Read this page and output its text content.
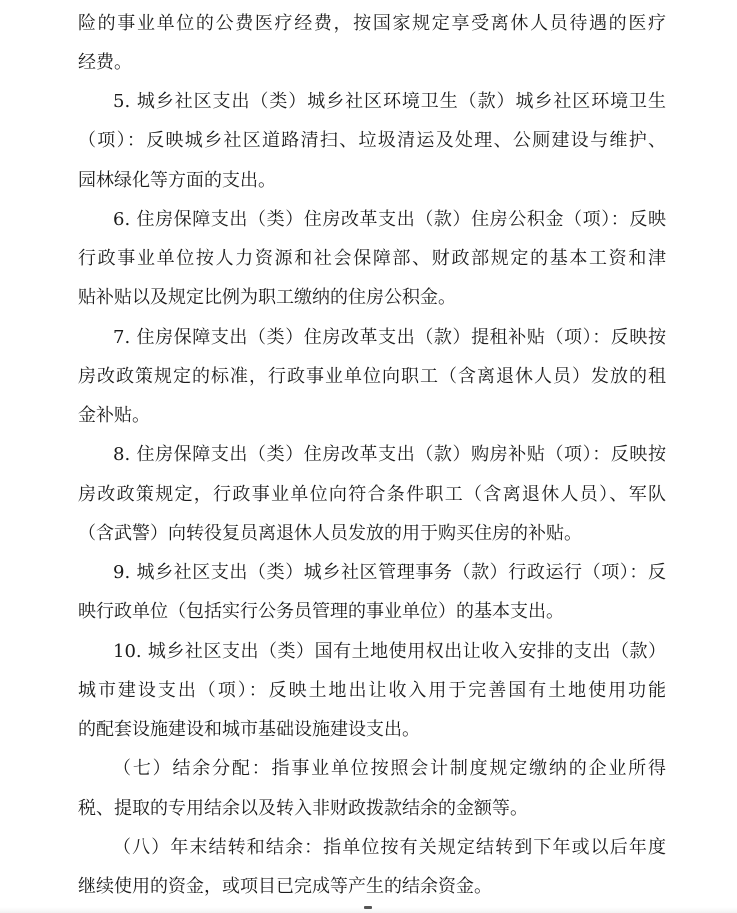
险的事业单位的公费医疗经费，按国家规定享受离休人员待遇的医疗
经费。
5. 城乡社区支出（类）城乡社区环境卫生（款）城乡社区环境卫生
（项）：反映城乡社区道路清扫、垃圾清运及处理、公厕建设与维护、
园林绿化等方面的支出。
6. 住房保障支出（类）住房改革支出（款）住房公积金（项）：反映
行政事业单位按人力资源和社会保障部、财政部规定的基本工资和津
贴补贴以及规定比例为职工缴纳的住房公积金。
7. 住房保障支出（类）住房改革支出（款）提租补贴（项）：反映按
房改政策规定的标准，行政事业单位向职工（含离退休人员）发放的租
金补贴。
8. 住房保障支出（类）住房改革支出（款）购房补贴（项）：反映按
房改政策规定，行政事业单位向符合条件职工（含离退休人员）、军队
（含武警）向转役复员离退休人员发放的用于购买住房的补贴。
9. 城乡社区支出（类）城乡社区管理事务（款）行政运行（项）：反
映行政单位（包括实行公务员管理的事业单位）的基本支出。
10. 城乡社区支出（类）国有土地使用权出让收入安排的支出（款）
城市建设支出（项）：反映土地出让收入用于完善国有土地使用功能
的配套设施建设和城市基础设施建设支出。
（七）结余分配：指事业单位按照会计制度规定缴纳的企业所得
税、提取的专用结余以及转入非财政拨款结余的金额等。
（八）年末结转和结余：指单位按有关规定结转到下年或以后年度
继续使用的资金，或项目已完成等产生的结余资金。
